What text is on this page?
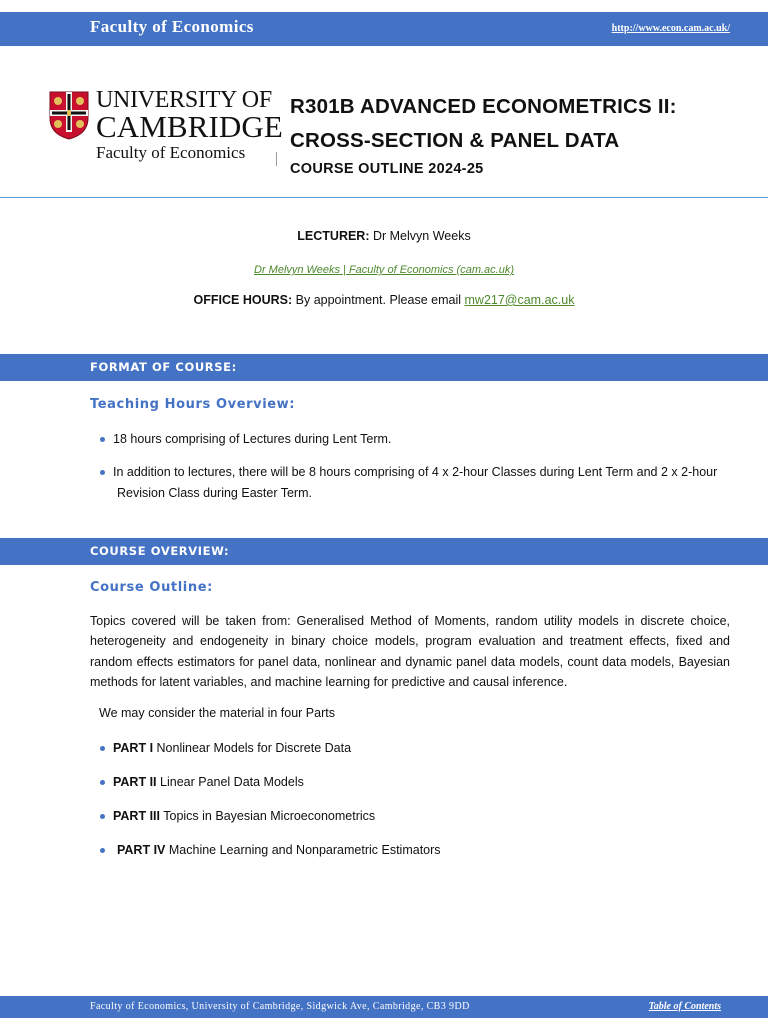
Faculty of Economics	http://www.econ.cam.ac.uk/
UNIVERSITY OF
CAMBRIDGE
Faculty of Economics
R301B ADVANCED ECONOMETRICS II:
CROSS-SECTION & PANEL DATA
COURSE OUTLINE 2024-25
LECTURER: Dr Melvyn Weeks
Dr Melvyn Weeks | Faculty of Economics (cam.ac.uk)
OFFICE HOURS: By appointment. Please email mw217@cam.ac.uk
FORMAT OF COURSE:
Teaching Hours Overview:
18 hours comprising of Lectures during Lent Term.
In addition to lectures, there will be 8 hours comprising of 4 x 2-hour Classes during Lent Term and 2 x 2-hour
Revision Class during Easter Term.
COURSE OVERVIEW:
Course Outline:
Topics covered will be taken from: Generalised Method of Moments, random utility models in discrete choice, heterogeneity and endogeneity in binary choice models, program evaluation and treatment effects, fixed and random effects estimators for panel data, nonlinear and dynamic panel data models, count data models, Bayesian methods for latent variables, and machine learning for predictive and causal inference.
We may consider the material in four Parts
PART I Nonlinear Models for Discrete Data
PART II Linear Panel Data Models
PART III Topics in Bayesian Microeconometrics
PART IV Machine Learning and Nonparametric Estimators
Faculty of Economics, University of Cambridge, Sidgwick Ave, Cambridge, CB3 9DD	Table of Contents
